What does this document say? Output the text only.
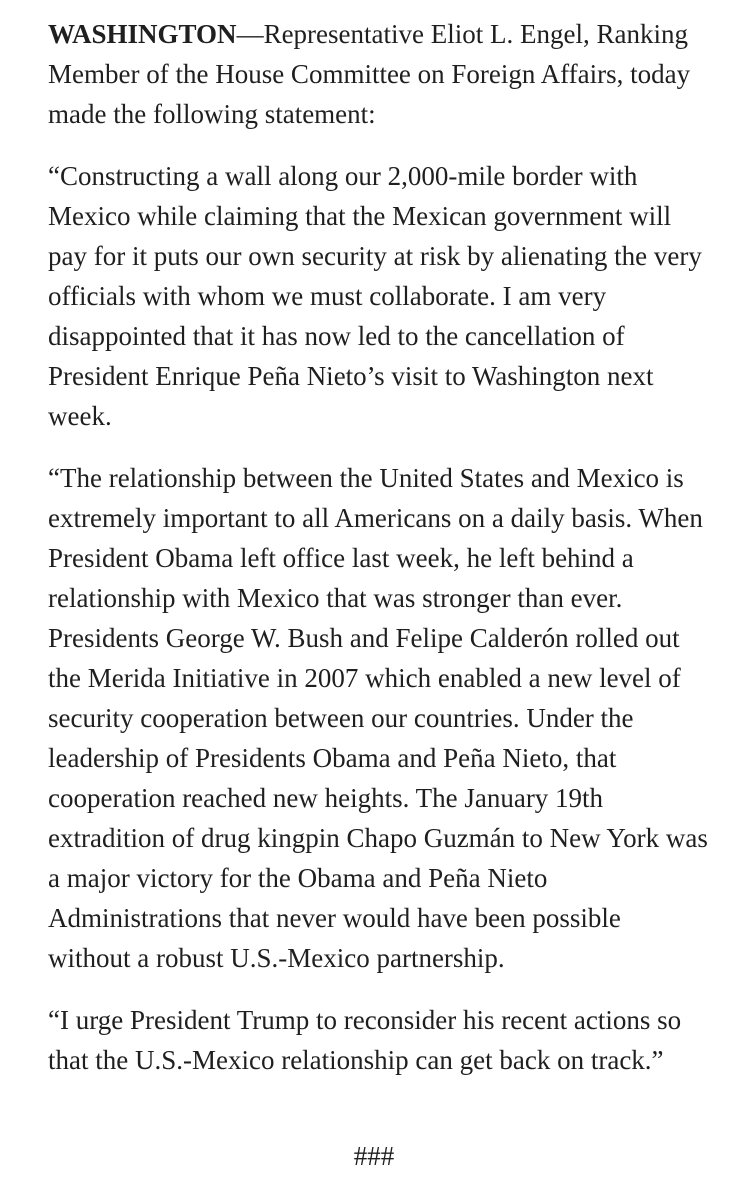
WASHINGTON—Representative Eliot L. Engel, Ranking Member of the House Committee on Foreign Affairs, today made the following statement:

“Constructing a wall along our 2,000-mile border with Mexico while claiming that the Mexican government will pay for it puts our own security at risk by alienating the very officials with whom we must collaborate. I am very disappointed that it has now led to the cancellation of President Enrique Peña Nieto’s visit to Washington next week.

“The relationship between the United States and Mexico is extremely important to all Americans on a daily basis. When President Obama left office last week, he left behind a relationship with Mexico that was stronger than ever. Presidents George W. Bush and Felipe Calderón rolled out the Merida Initiative in 2007 which enabled a new level of security cooperation between our countries. Under the leadership of Presidents Obama and Peña Nieto, that cooperation reached new heights. The January 19th extradition of drug kingpin Chapo Guzmán to New York was a major victory for the Obama and Peña Nieto Administrations that never would have been possible without a robust U.S.-Mexico partnership.

“I urge President Trump to reconsider his recent actions so that the U.S.-Mexico relationship can get back on track.”

###
